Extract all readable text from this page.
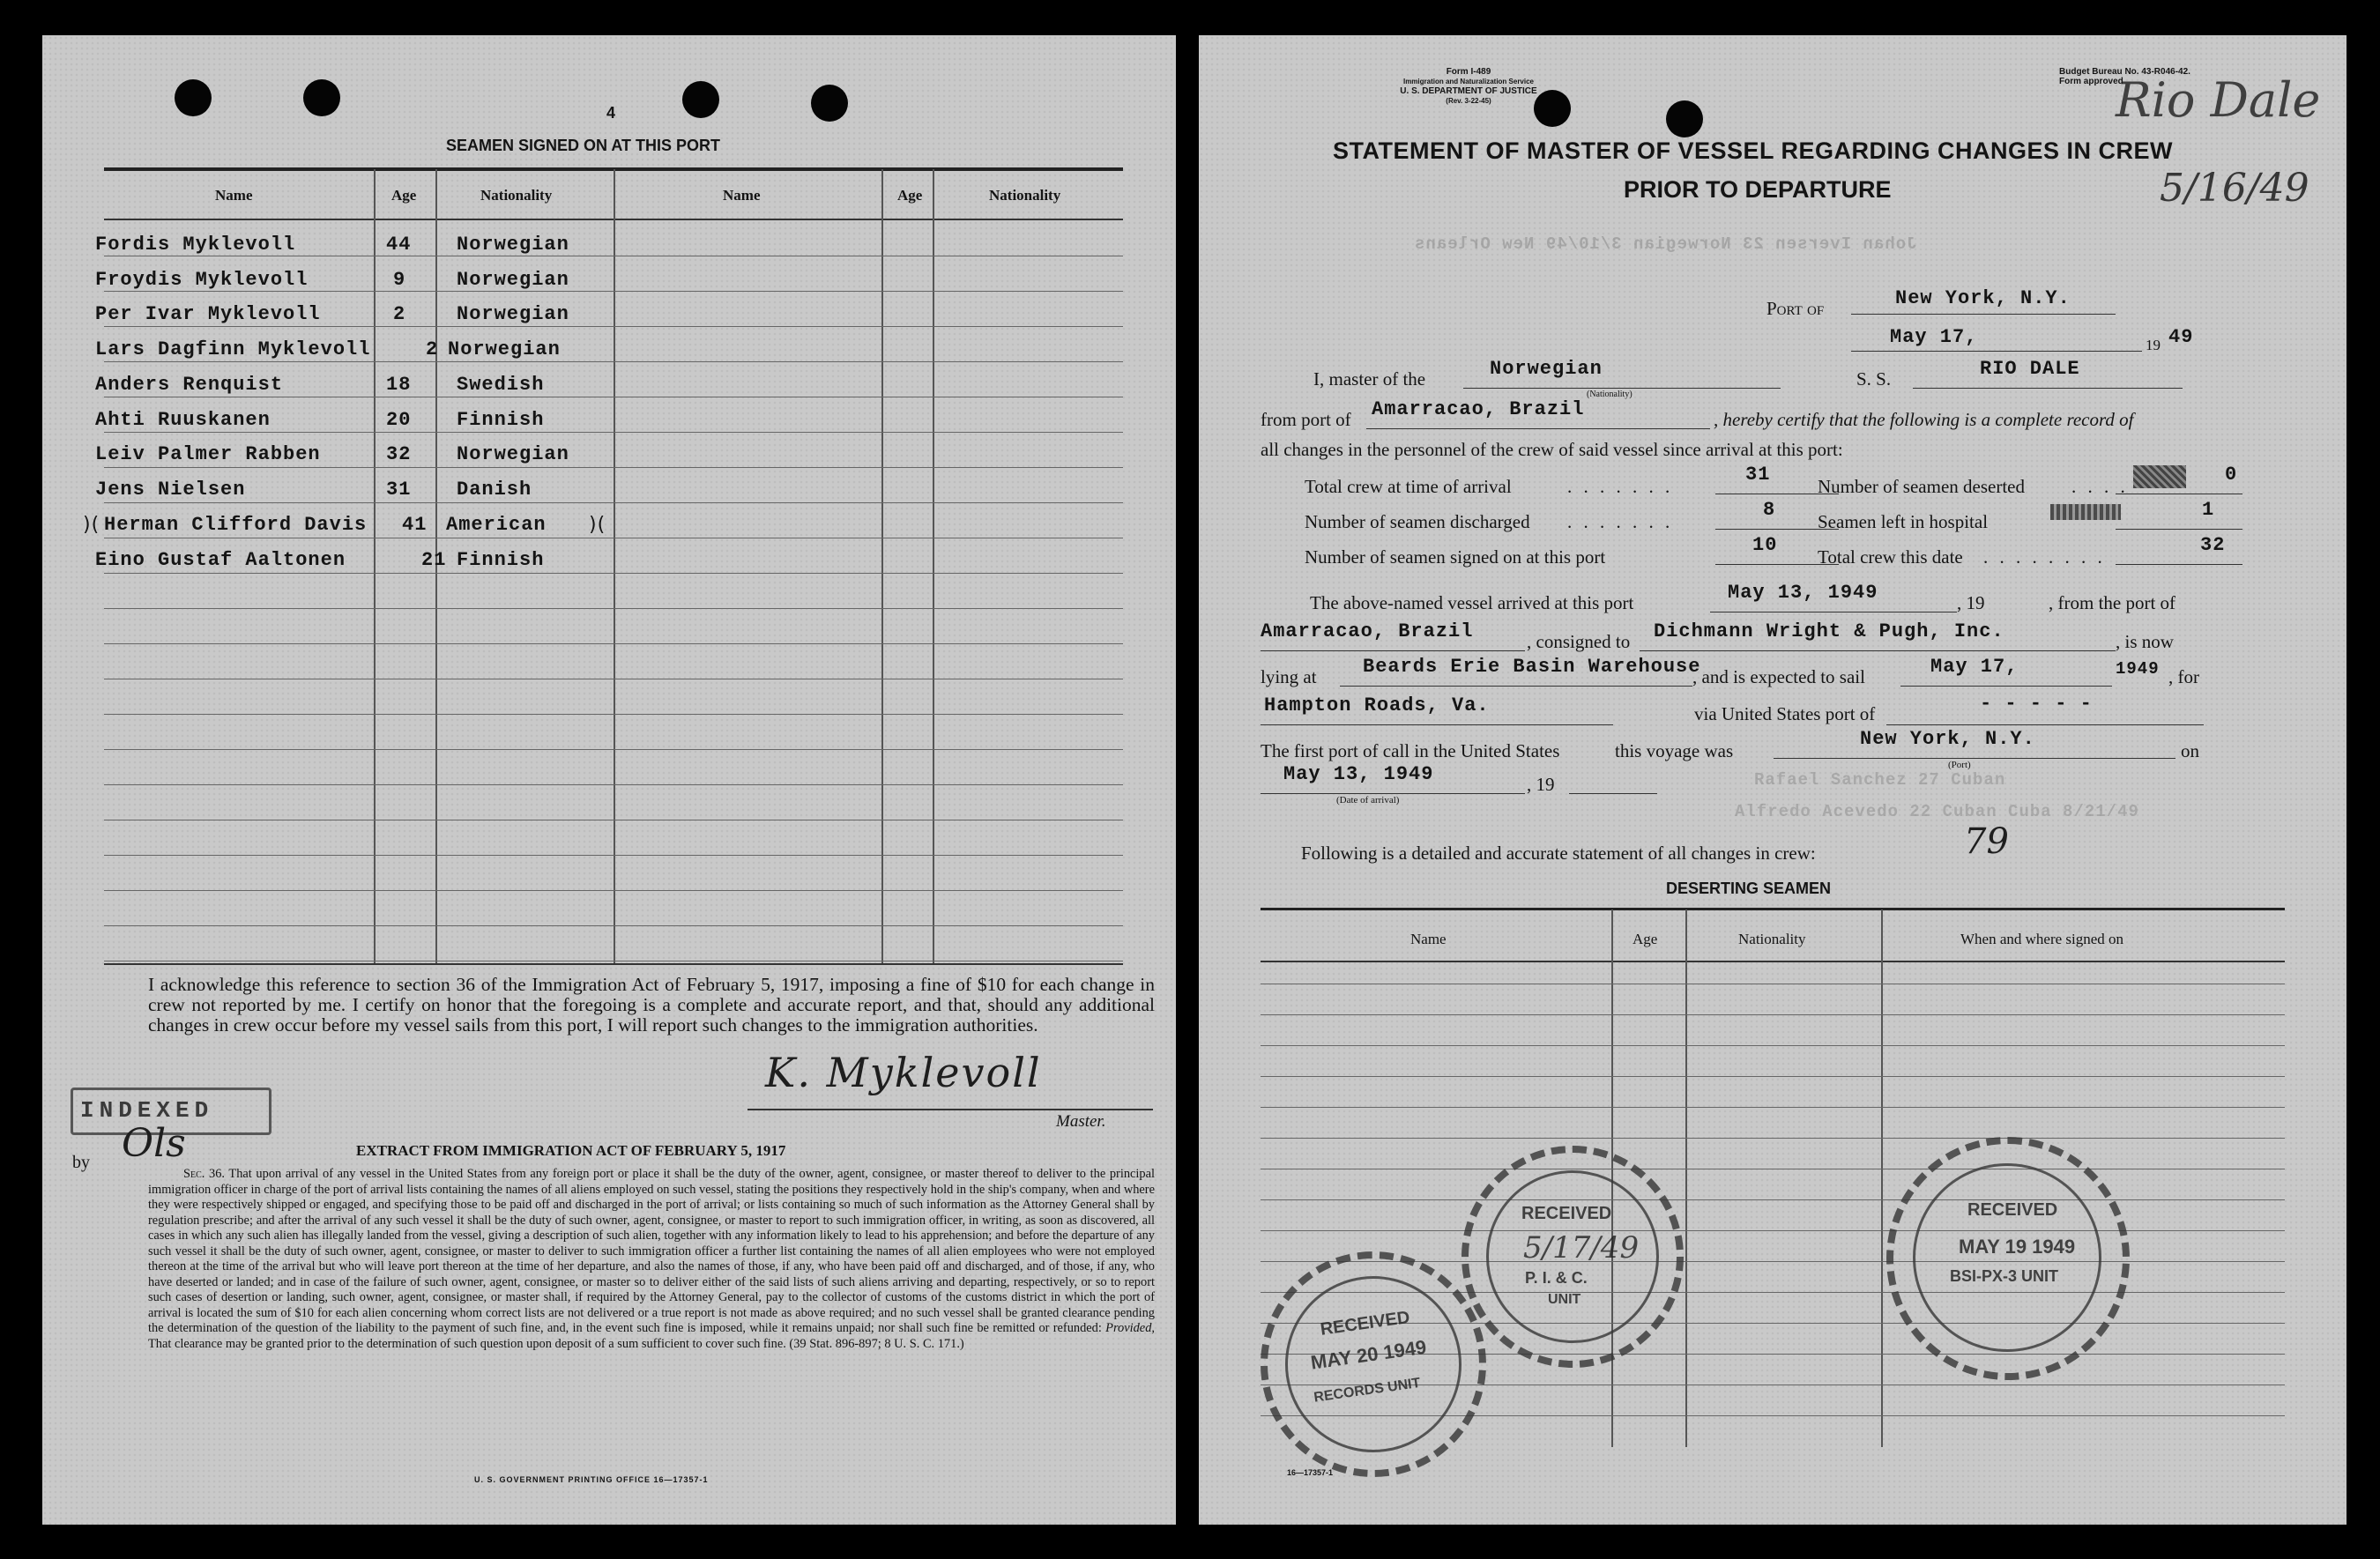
4
SEAMEN SIGNED ON AT THIS PORT
Name	Age	Nationality	Name	Age	Nationality
Fordis Myklevoll	44 Norwegian
Froydis Myklevoll	9	Norwegian
Per Ivar Myklevoll	2	Norwegian
Lars Dagfinn Myklevoll	2 Norwegian
Anders Renquist	18 Swedish
Ahti Ruuskanen	20 Finnish
Leiv Palmer Rabben	32 Norwegian
Jens Nielsen	31 Danish
)( Herman Clifford Davis 41 American )(
Eino Gustaf Aaltonen	21 Finnish
I acknowledge this reference to section 36 of the Immigration Act of February 5, 1917, imposing a fine of $10 for each change in crew not reported by me. I certify on honor that the foregoing is a complete and accurate report, and that, should any additional changes in crew occur before my vessel sails from this port, I will report such changes to the immigration authorities.
K. Myklevoll
Master.
INDEXED
by Ols	EXTRACT FROM IMMIGRATION ACT OF FEBRUARY 5, 1917
Sec. 36. That upon arrival of any vessel in the United States from any foreign port or place it shall be the duty of the owner, agent, consignee, or master thereof to deliver to the principal immigration officer in charge of the port of arrival lists containing the names of all aliens employed on such vessel, stating the positions they respectively hold in the ship's company, when and where they were respectively shipped or engaged, and specifying those to be paid off and discharged in the port of arrival; or lists containing so much of such information as the Attorney General shall by regulation prescribe; and after the arrival of any such vessel it shall be the duty of such owner, agent, consignee, or master to report to such immigration officer, in writing, as soon as discovered, all cases in which any such alien has illegally landed from the vessel, giving a description of such alien, together with any information likely to lead to his apprehension; and before the departure of any such vessel it shall be the duty of such owner, agent, consignee, or master to deliver to such immigration officer a further list containing the names of all alien employees who were not employed thereon at the time of the arrival but who will leave port thereon at the time of her departure, and also the names of those, if any, who have been paid off and discharged, and of those, if any, who have deserted or landed; and in case of the failure of such owner, agent, consignee, or master so to deliver either of the said lists of such aliens arriving and departing, respectively, or so to report such cases of desertion or landing, such owner, agent, consignee, or master shall, if required by the Attorney General, pay to the collector of customs of the customs district in which the port of arrival is located the sum of $10 for each alien concerning whom correct lists are not delivered or a true report is not made as above required; and no such vessel shall be granted clearance pending the determination of the question of the liability to the payment of such fine, and, in the event such fine is imposed, while it remains unpaid; nor shall such fine be remitted or refunded: Provided, That clearance may be granted prior to the determination of such question upon deposit of a sum sufficient to cover such fine. (39 Stat. 896-897; 8 U. S. C. 171.)
U. S. GOVERNMENT PRINTING OFFICE 16—17357-1
Form I-489
Immigration and Naturalization Service
U. S. DEPARTMENT OF JUSTICE
(Rev. 3-22-45)
Budget Bureau No. 43-R046-42.
Form approved
Rio Dale
5/16/49
STATEMENT OF MASTER OF VESSEL REGARDING CHANGES IN CREW
PRIOR TO DEPARTURE
Johan Iversen 23 Norwegian 3/10/49 New Orleans
Rafael Sanchez 27 Cuban
Alfredo Acevedo 22 Cuban Cuba 8/21/49
Port of	New York, N.Y.
May 17,	19 49
I, master of the	Norwegian
(Nationality)
S. S.	RIO DALE
from port of Amarracao, Brazil	, hereby certify that the following is a complete record of
all changes in the personnel of the crew of said vessel since arrival at this port:
Total crew at time of arrival	. . . . . . .
31
Number of seamen discharged . . . . . . .
8
Number of seamen signed on at this port
10
Number of seamen deserted	. . . .
0
Seamen left in hospital
1
Total crew this date . . . . . . . .
32
The above-named vessel arrived at this port	May 13, 1949	, 19	, from the port of
Amarracao, Brazil	, consigned to Dichmann Wright & Pugh, Inc.	, is now
lying at Beards Erie Basin Warehouse
, and is expected to sail	May 17,	1949 , for
Hampton Roads, Va.	via United States port of	- - - - -
The first port of call in the United States	this voyage was
New York, N.Y.
(Port)
on
May 13, 1949
(Date of arrival)
, 19
Following is a detailed and accurate statement of all changes in crew:	79
DESERTING SEAMEN
Name	Age	Nationality	When and where signed on
RECEIVED
5/17/49
P. I. & C.
UNIT
RECEIVED
MAY 20 1949
RECORDS UNIT
RECEIVED
MAY 19 1949
BSI-PX-3 UNIT
16—17357-1
